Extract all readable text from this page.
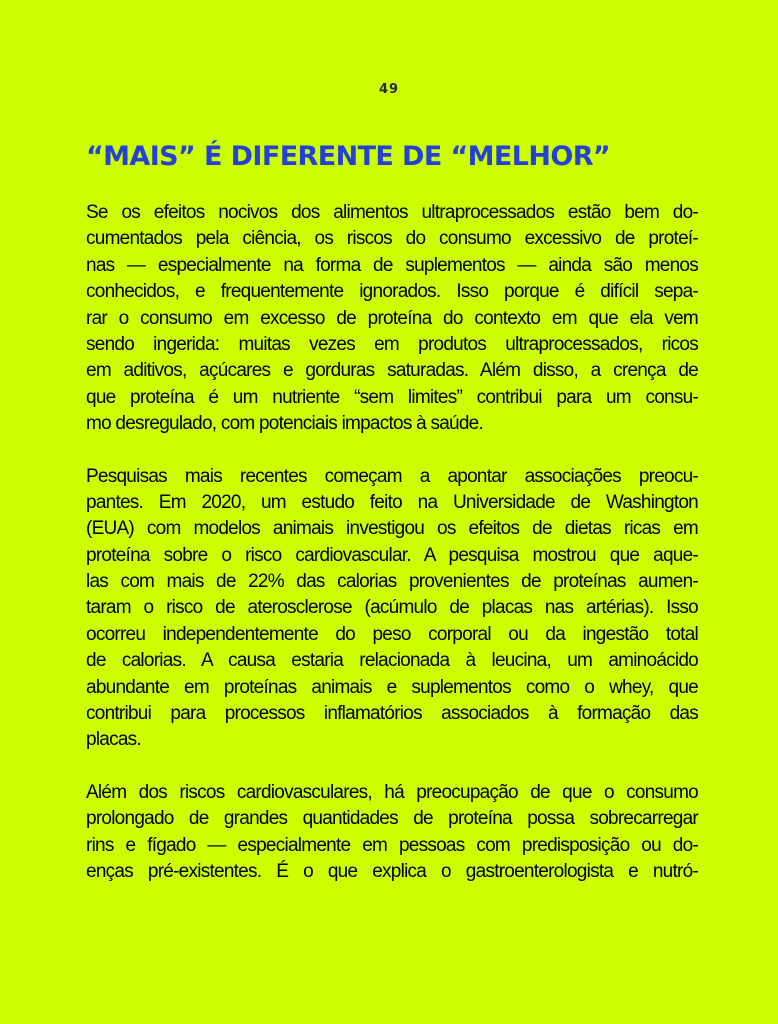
49
“MAIS” É DIFERENTE DE “MELHOR”

Se os efeitos nocivos dos alimentos ultraprocessados estão bem do-
cumentados pela ciência, os riscos do consumo excessivo de proteí-
nas — especialmente na forma de suplementos — ainda são menos
conhecidos, e frequentemente ignorados. Isso porque é difícil sepa-
rar o consumo em excesso de proteína do contexto em que ela vem
sendo ingerida: muitas vezes em produtos ultraprocessados, ricos
em aditivos, açúcares e gorduras saturadas. Além disso, a crença de
que proteína é um nutriente “sem limites” contribui para um consu-
mo desregulado, com potenciais impactos à saúde.

Pesquisas mais recentes começam a apontar associações preocu-
pantes. Em 2020, um estudo feito na Universidade de Washington
(EUA) com modelos animais investigou os efeitos de dietas ricas em
proteína sobre o risco cardiovascular. A pesquisa mostrou que aque-
las com mais de 22% das calorias provenientes de proteínas aumen-
taram o risco de aterosclerose (acúmulo de placas nas artérias). Isso
ocorreu independentemente do peso corporal ou da ingestão total
de calorias. A causa estaria relacionada à leucina, um aminoácido
abundante em proteínas animais e suplementos como o whey, que
contribui para processos inflamatórios associados à formação das
placas.

Além dos riscos cardiovasculares, há preocupação de que o consumo
prolongado de grandes quantidades de proteína possa sobrecarregar
rins e fígado — especialmente em pessoas com predisposição ou do-
enças pré-existentes. É o que explica o gastroenterologista e nutró-
